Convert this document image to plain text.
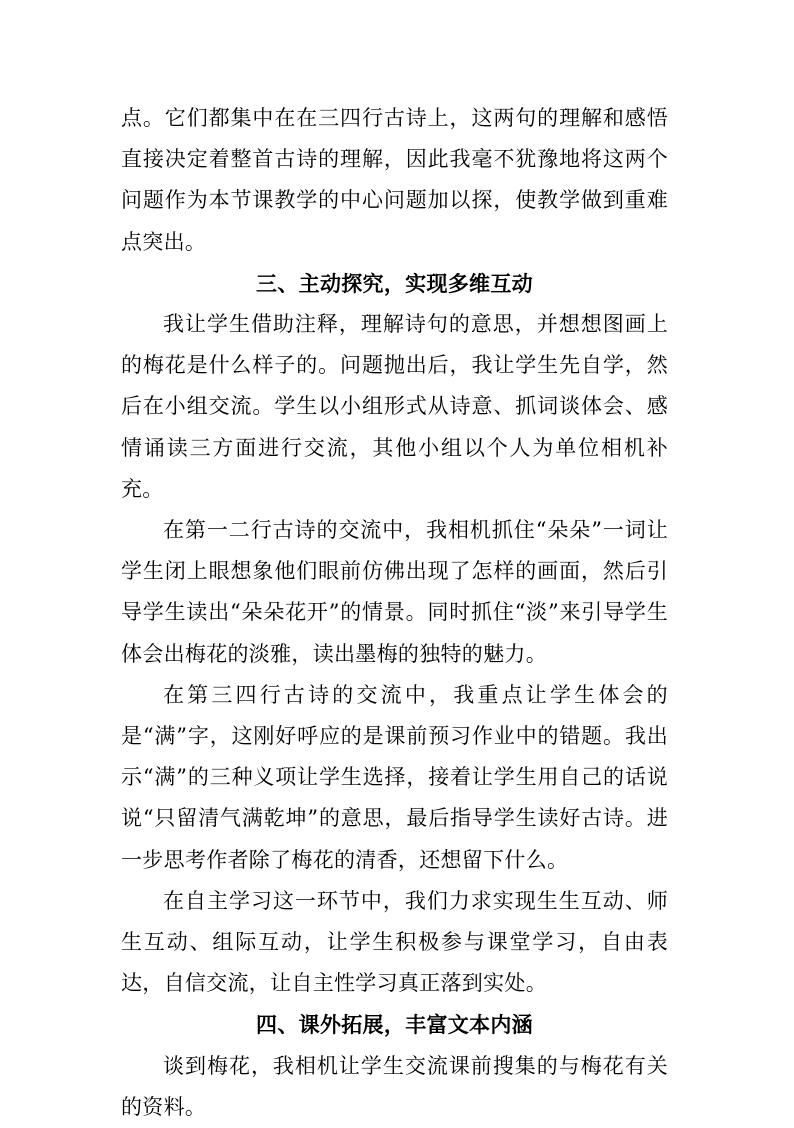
点。它们都集中在在三四行古诗上，这两句的理解和感悟直接决定着整首古诗的理解，因此我毫不犹豫地将这两个问题作为本节课教学的中心问题加以探，使教学做到重难点突出。

三、主动探究，实现多维互动

我让学生借助注释，理解诗句的意思，并想想图画上的梅花是什么样子的。问题抛出后，我让学生先自学，然后在小组交流。学生以小组形式从诗意、抓词谈体会、感情诵读三方面进行交流，其他小组以个人为单位相机补充。

在第一二行古诗的交流中，我相机抓住“朵朵”一词让学生闭上眼想象他们眼前仿佛出现了怎样的画面，然后引导学生读出“朵朵花开”的情景。同时抓住“淡”来引导学生体会出梅花的淡雅，读出墨梅的独特的魅力。

在第三四行古诗的交流中，我重点让学生体会的是“满”字，这刚好呼应的是课前预习作业中的错题。我出示“满”的三种义项让学生选择，接着让学生用自己的话说说“只留清气满乾坤”的意思，最后指导学生读好古诗。进一步思考作者除了梅花的清香，还想留下什么。

在自主学习这一环节中，我们力求实现生生互动、师生互动、组际互动，让学生积极参与课堂学习，自由表达，自信交流，让自主性学习真正落到实处。

四、课外拓展，丰富文本内涵

谈到梅花，我相机让学生交流课前搜集的与梅花有关的资料。
